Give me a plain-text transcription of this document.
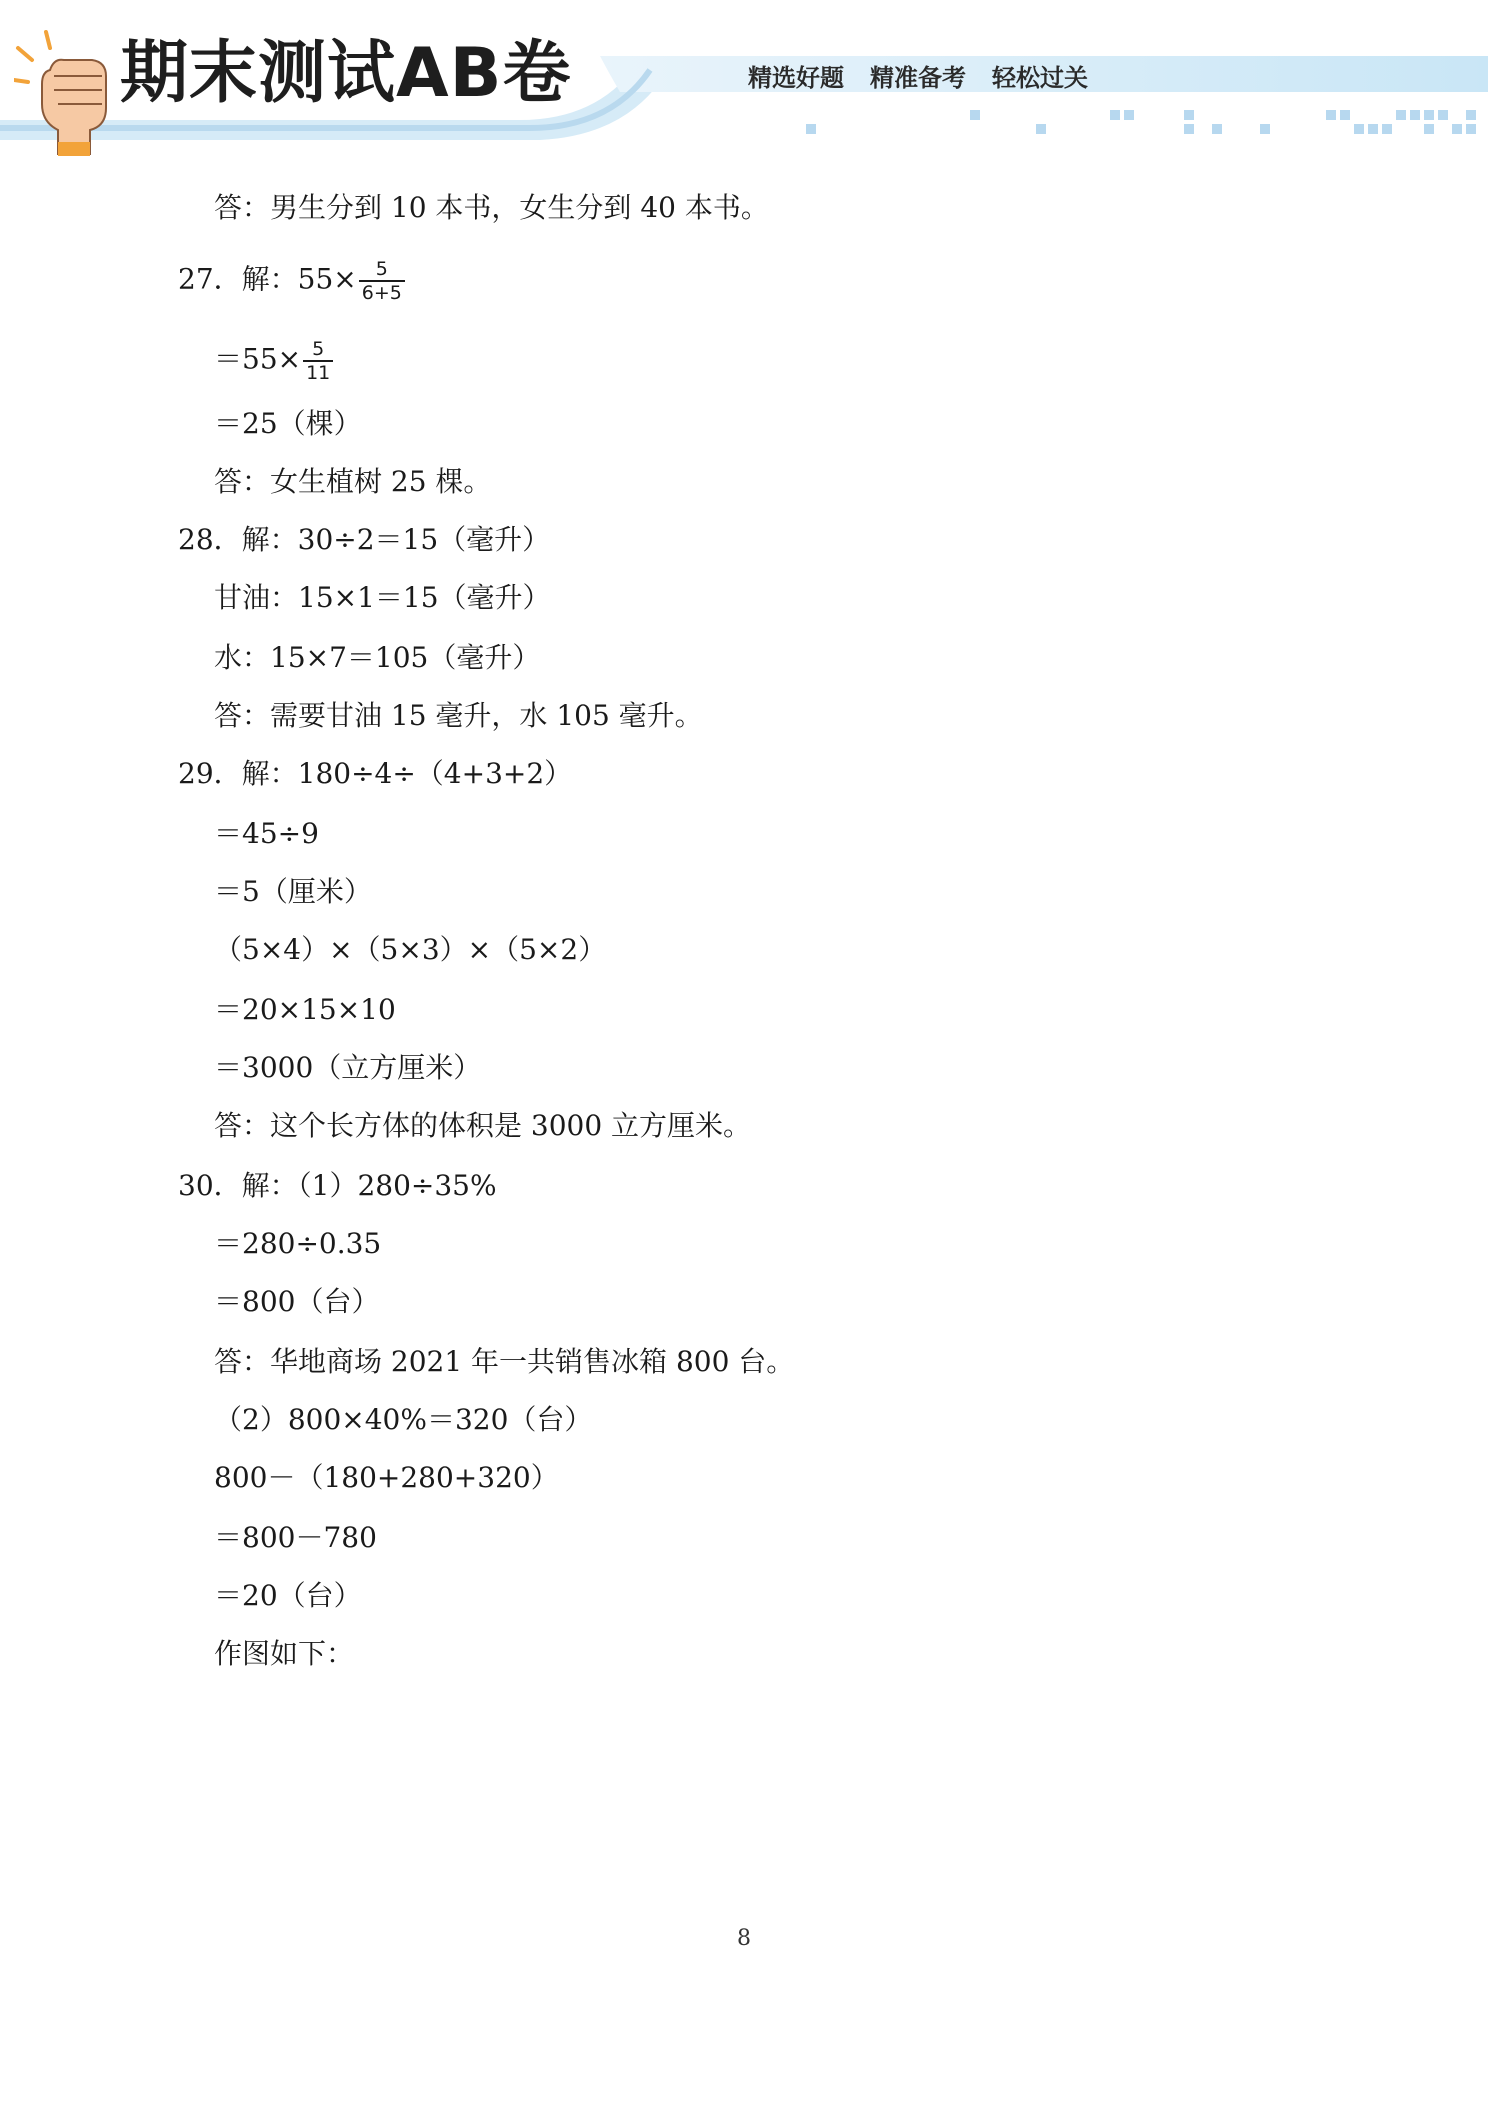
期末测试AB卷	精选好题 精准备考 轻松过关
答：男生分到 10 本书，女生分到 40 本书。
27．解：$55\times \frac{5}{6+5}$
$=55\times \frac{5}{11}$
＝25（棵）
答：女生植树 25 棵。
28．解：30÷2＝15（毫升）
甘油：15×1＝15（毫升）
水：15×7＝105（毫升）
答：需要甘油 15 毫升，水 105 毫升。
29．解：180÷4÷（4+3+2）
＝45÷9
＝5（厘米）
（5×4）×（5×3）×（5×2）
＝20×15×10
＝3000（立方厘米）
答：这个长方体的体积是 3000 立方厘米。
30．解：（1）280÷35%
＝280÷0.35
＝800（台）
答：华地商场 2021 年一共销售冰箱 800 台。
（2）800×40%＝320（台）
800－（180+280+320）
＝800－780
＝20（台）
作图如下：
8
